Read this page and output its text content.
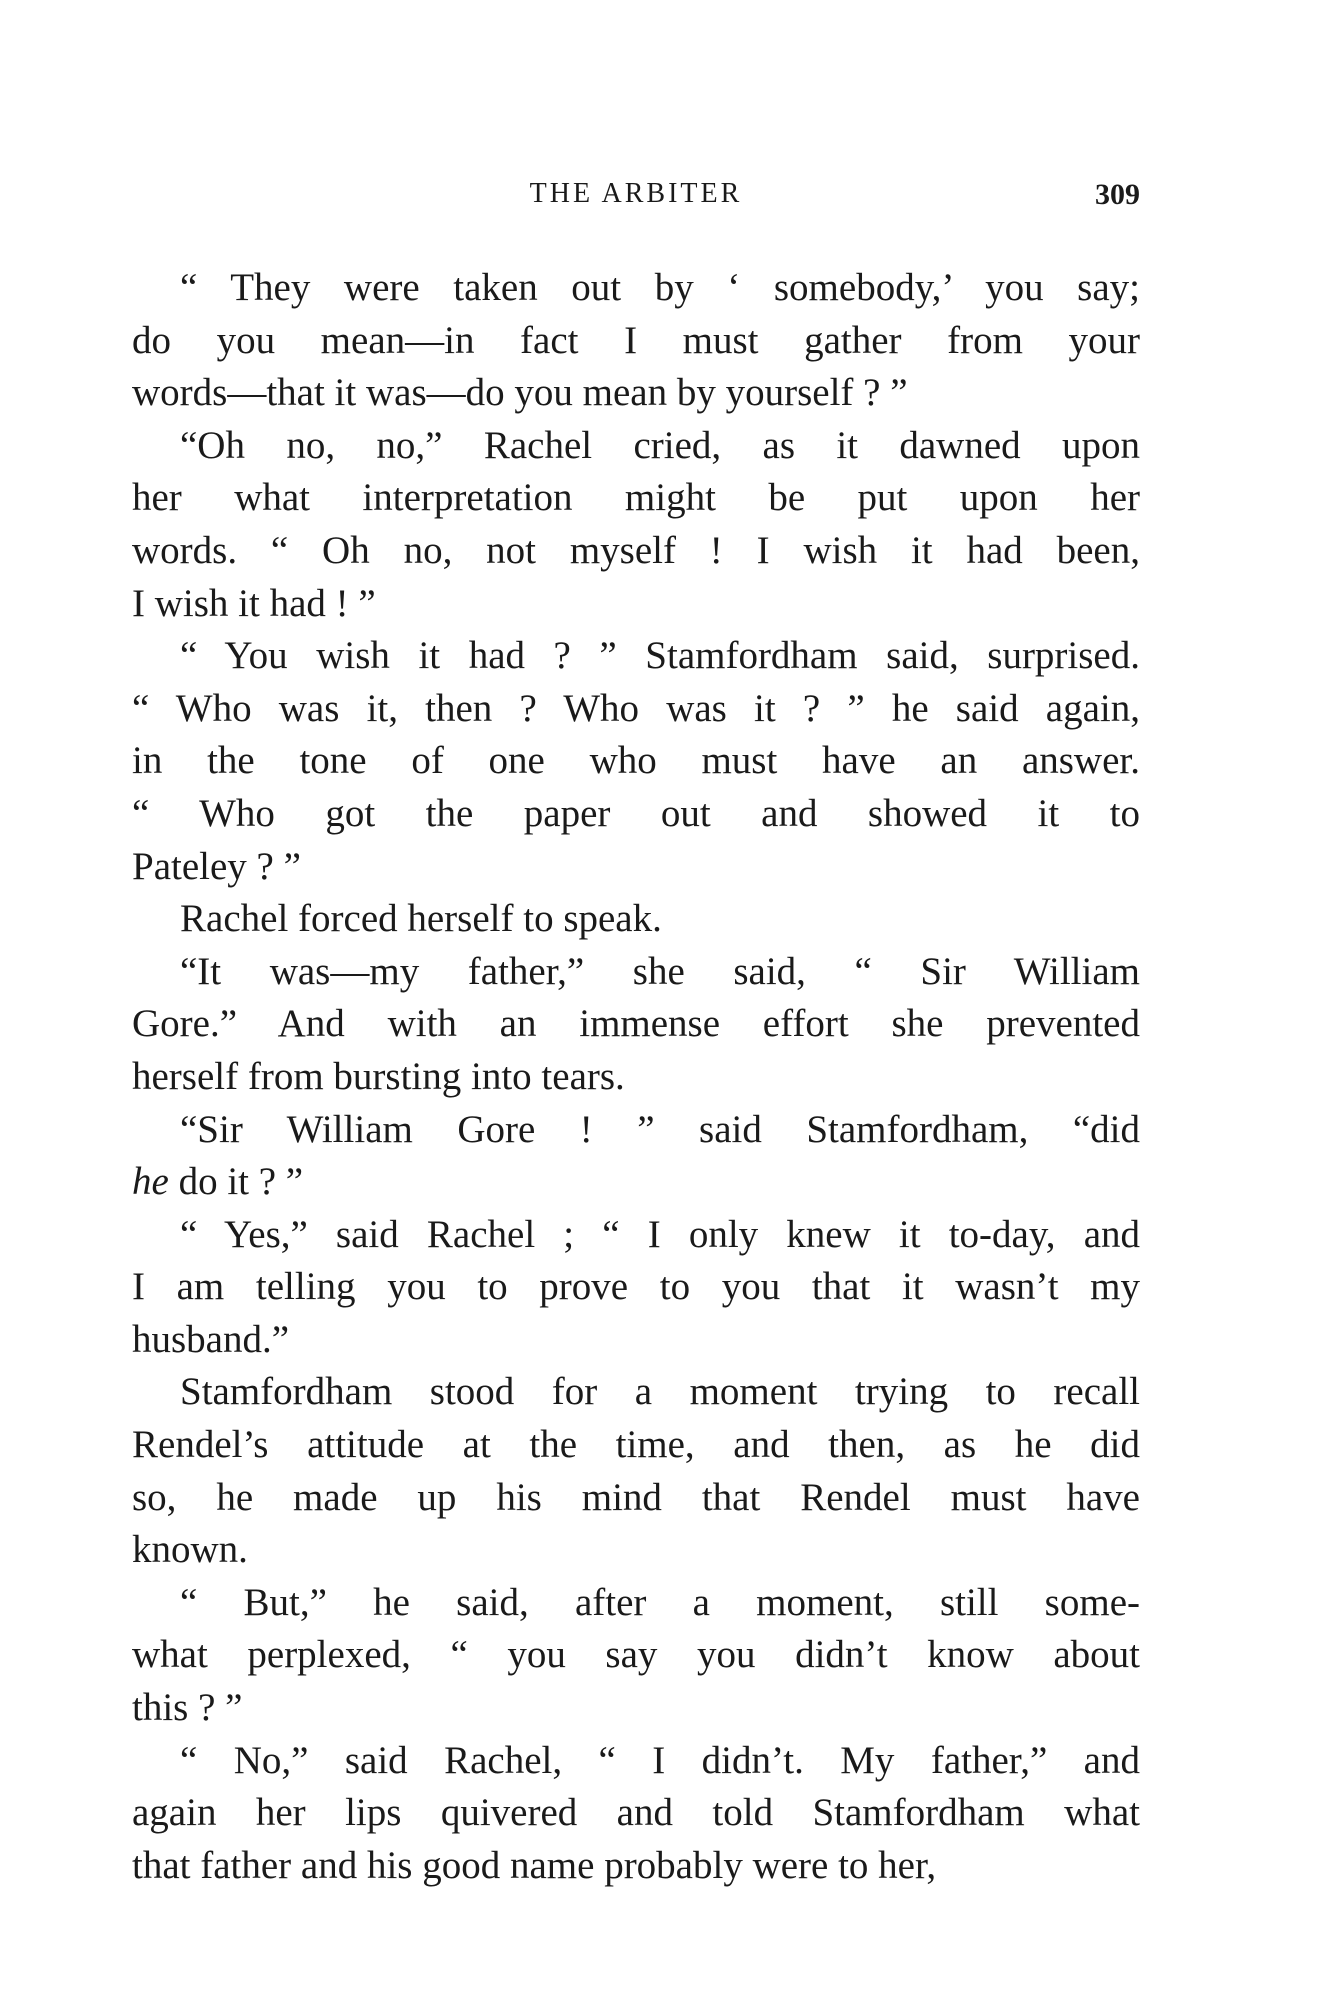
THE ARBITER	309
“ They were taken out by ‘ somebody,’ you say;
do you mean—in fact I must gather from your
words—that it was—do you mean by yourself ? ”
“Oh no, no,” Rachel cried, as it dawned upon
her what interpretation might be put upon her
words. “ Oh no, not myself ! I wish it had been,
I wish it had ! ”
“ You wish it had ? ” Stamfordham said, surprised.
“ Who was it, then ? Who was it ? ” he said again,
in the tone of one who must have an answer.
“ Who got the paper out and showed it to
Pateley ? ”
Rachel forced herself to speak.
“It was—my father,” she said, “ Sir William
Gore.” And with an immense effort she prevented
herself from bursting into tears.
“Sir William Gore ! ” said Stamfordham, “did
he do it ? ”
“ Yes,” said Rachel ; “ I only knew it to-day, and
I am telling you to prove to you that it wasn’t my
husband.”
Stamfordham stood for a moment trying to recall
Rendel’s attitude at the time, and then, as he did
so, he made up his mind that Rendel must have
known.
“ But,” he said, after a moment, still some-
what perplexed, “ you say you didn’t know about
this ? ”
“ No,” said Rachel, “ I didn’t. My father,” and
again her lips quivered and told Stamfordham what
that father and his good name probably were to her,
